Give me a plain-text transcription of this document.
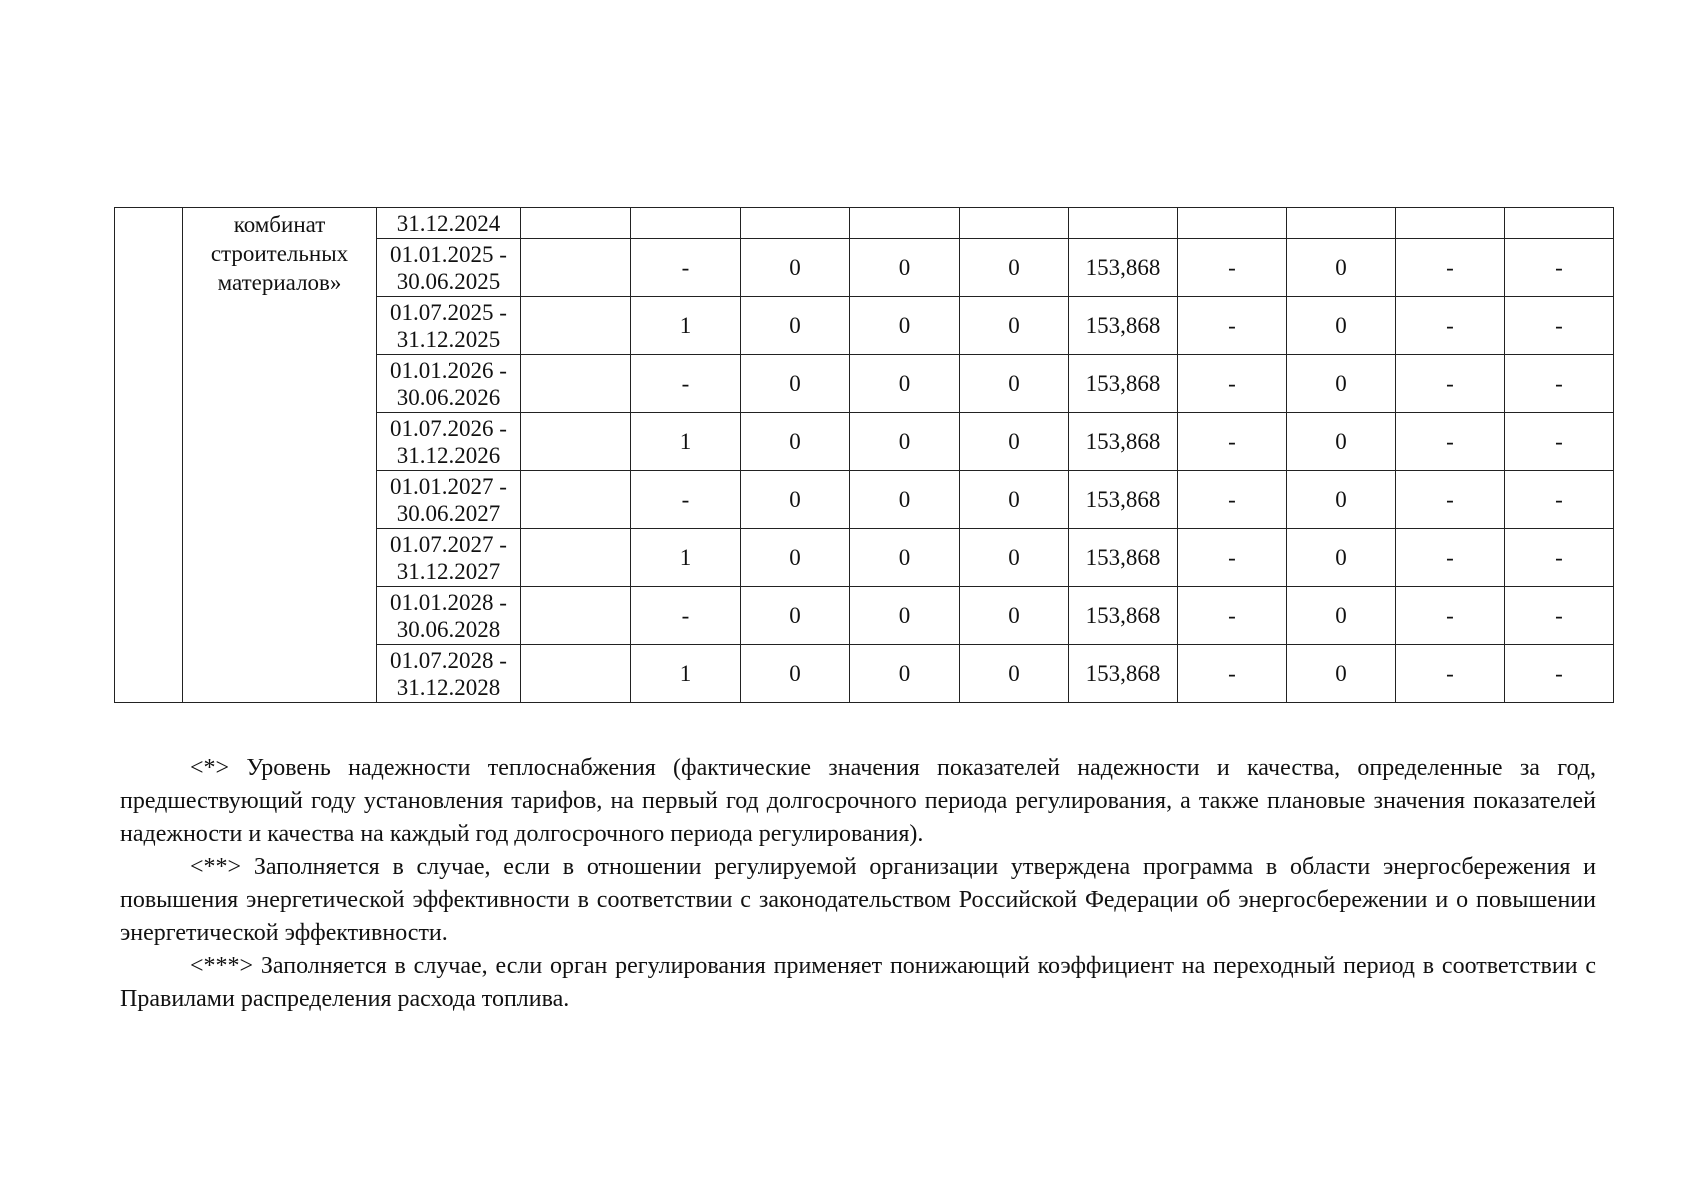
	комбинат
строительных
материалов»	31.12.2024										

		01.01.2025 -
30.06.2025		-	0	0	0	153,868	-	0	-	-

		01.07.2025 -
31.12.2025		1	0	0	0	153,868	-	0	-	-

		01.01.2026 -
30.06.2026		-	0	0	0	153,868	-	0	-	-

		01.07.2026 -
31.12.2026		1	0	0	0	153,868	-	0	-	-

		01.01.2027 -
30.06.2027		-	0	0	0	153,868	-	0	-	-

		01.07.2027 -
31.12.2027		1	0	0	0	153,868	-	0	-	-

		01.01.2028 -
30.06.2028		-	0	0	0	153,868	-	0	-	-

		01.07.2028 -
31.12.2028		1	0	0	0	153,868	-	0	-	-

<*> Уровень надежности теплоснабжения (фактические значения показателей надежности и качества, определенные за год, предшествующий году установления тарифов, на первый год долгосрочного периода регулирования, а также плановые значения показателей надежности и качества на каждый год долгосрочного периода регулирования).

<**> Заполняется в случае, если в отношении регулируемой организации утверждена программа в области энергосбережения и повышения энергетической эффективности в соответствии с законодательством Российской Федерации об энергосбережении и о повышении энергетической эффективности.

<***> Заполняется в случае, если орган регулирования применяет понижающий коэффициент на переходный период в соответствии с Правилами распределения расхода топлива.
